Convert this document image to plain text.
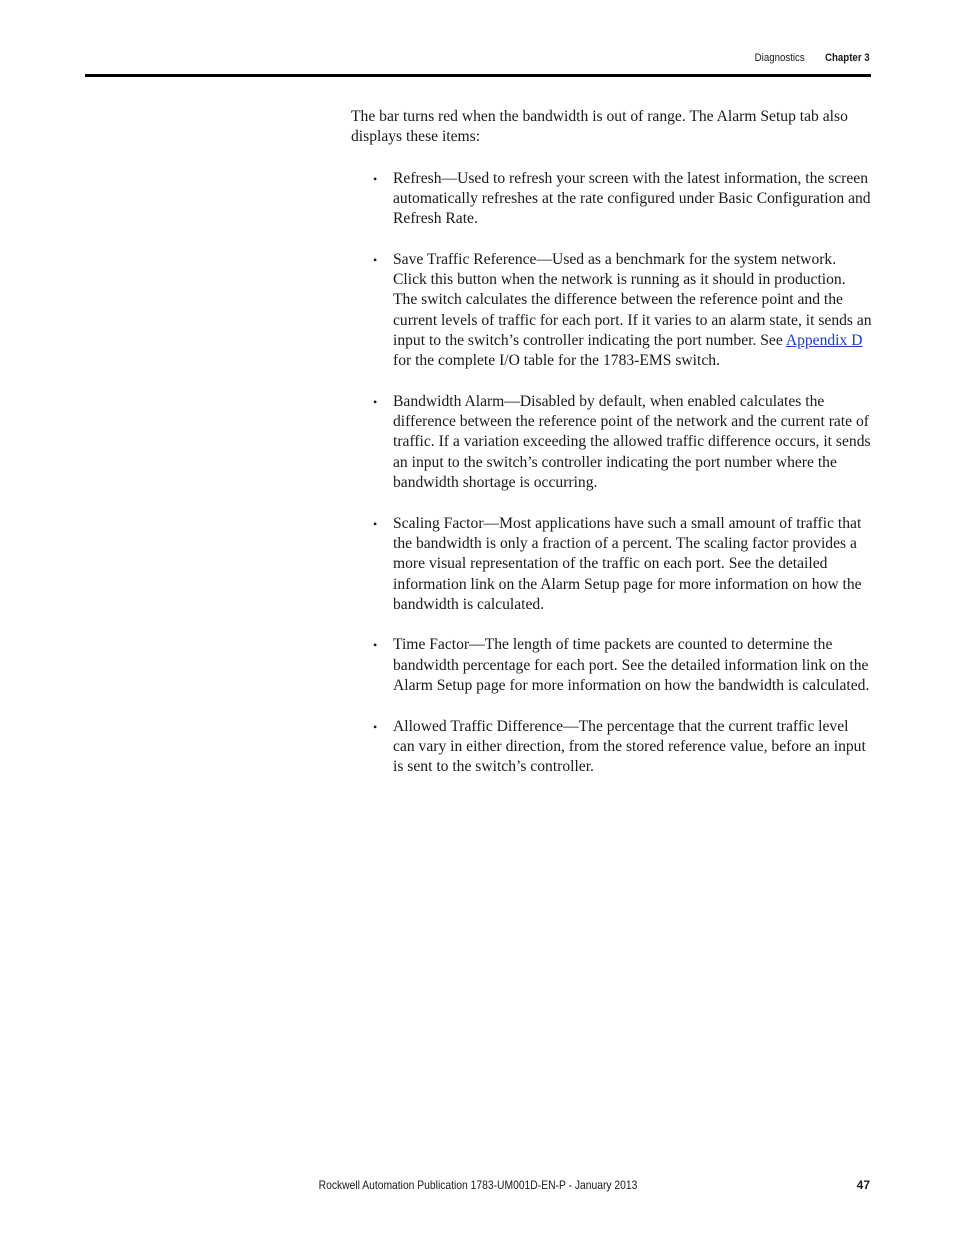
Diagnostics Chapter 3

The bar turns red when the bandwidth is out of range. The Alarm Setup tab also displays these items:

• Refresh—Used to refresh your screen with the latest information, the screen automatically refreshes at the rate configured under Basic Configuration and Refresh Rate.
• Save Traffic Reference—Used as a benchmark for the system network. Click this button when the network is running as it should in production. The switch calculates the difference between the reference point and the current levels of traffic for each port. If it varies to an alarm state, it sends an input to the switch’s controller indicating the port number. See Appendix D for the complete I/O table for the 1783-EMS switch.
• Bandwidth Alarm—Disabled by default, when enabled calculates the difference between the reference point of the network and the current rate of traffic. If a variation exceeding the allowed traffic difference occurs, it sends an input to the switch’s controller indicating the port number where the bandwidth shortage is occurring.
• Scaling Factor—Most applications have such a small amount of traffic that the bandwidth is only a fraction of a percent. The scaling factor provides a more visual representation of the traffic on each port. See the detailed information link on the Alarm Setup page for more information on how the bandwidth is calculated.
• Time Factor—The length of time packets are counted to determine the bandwidth percentage for each port. See the detailed information link on the Alarm Setup page for more information on how the bandwidth is calculated.
• Allowed Traffic Difference—The percentage that the current traffic level can vary in either direction, from the stored reference value, before an input is sent to the switch’s controller.
Rockwell Automation Publication 1783-UM001D-EN-P - January 2013	47
